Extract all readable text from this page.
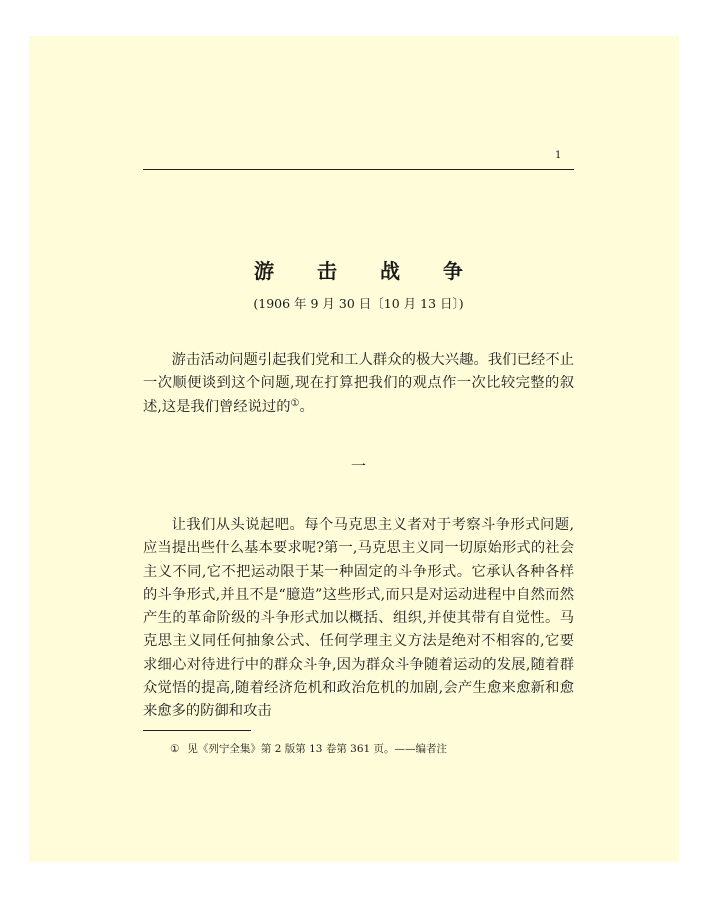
1
游 击 战 争
(1906 年 9 月 30 日〔10 月 13 日〕)

游击活动问题引起我们党和工人群众的极大兴趣。我们已经不止一次顺便谈到这个问题,现在打算把我们的观点作一次比较完整的叙述,这是我们曾经说过的①。

一

让我们从头说起吧。每个马克思主义者对于考察斗争形式问题,应当提出些什么基本要求呢?第一,马克思主义同一切原始形式的社会主义不同,它不把运动限于某一种固定的斗争形式。它承认各种各样的斗争形式,并且不是“臆造”这些形式,而只是对运动进程中自然而然产生的革命阶级的斗争形式加以概括、组织,并使其带有自觉性。马克思主义同任何抽象公式、任何学理主义方法是绝对不相容的,它要求细心对待进行中的群众斗争,因为群众斗争随着运动的发展,随着群众觉悟的提高,随着经济危机和政治危机的加剧,会产生愈来愈新和愈来愈多的防御和攻击

① 见《列宁全集》第 2 版第 13 卷第 361 页。——编者注
